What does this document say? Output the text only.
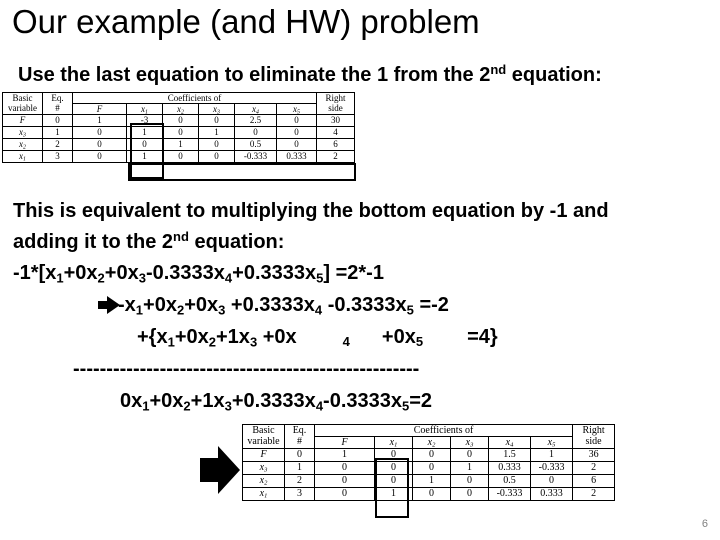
Our example (and HW) problem
Use the last equation to eliminate the 1 from the 2nd equation:
Basic	Eq.	Coefficients of						Right
variable	#	F	$x_1$	$x_2$	$x_3$	$x_4$	$x_5$	side
F	0	1	-3	0	0	2.5	0	30
$x_3$	1	0	1	0	1	0	0	4
$x_2$	2	0	0	1	0	0.5	0	6
$x_1$	3	0	1	0	0	-0.333	0.333	2
This is equivalent to multiplying the bottom equation by -1 and
adding it to the 2nd equation:
$-1*[x_1+0x_2+0x_3-0.3333x_4+0.3333x_5] =2*-1$
$-x_1+0x_2+0x_3 +0.3333x_4$ $-0.3333x_5 =-2$
$+\{x_1+0x_2+1x_3 +0x$	$_4 +0x_5 =4$}
----------------------------------------------------
$0x_1+0x_2+1x_3+0.3333x_4-0.3333x_5=2$
Basic	Eq.	Coefficients of						Right
variable	#	F	$x_1$	$x_2$	$x_3$	$x_4$	$x_5$	side
F	0	1	0	0	0	1.5	1	36
$x_3$	1	0	0	0	1	0.333	-0.333	2
$x_2$	2	0	0	1	0	0.5	0	6
$x_1$	3	0	1	0	0	-0.333	0.333	2
6
